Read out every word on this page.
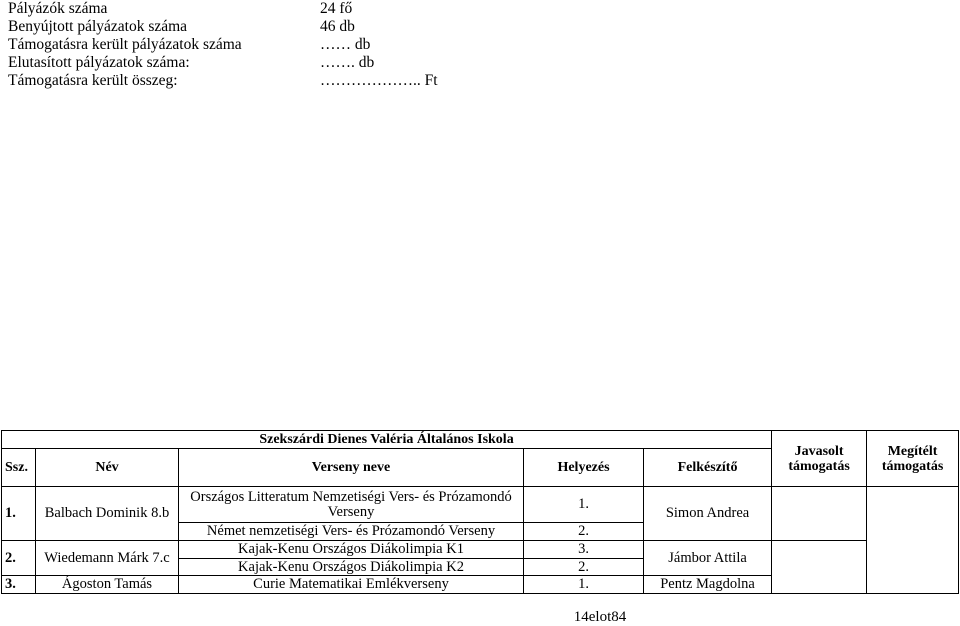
Pályázók száma	24 fő
Benyújtott pályázatok száma	46 db
Támogatásra került pályázatok száma	…… db
Elutasított pályázatok száma:	……. db
Támogatásra került összeg:	……………….. Ft
Szekszárdi Dienes Valéria Általános Iskola					Javasolt támogatás	Megítélt támogatás
Ssz.	Név	Verseny neve	Helyezés	Felkészítő		
1.	Balbach Dominik 8.b	Országos Litteratum Nemzetiségi Vers- és Prózamondó Verseny	1.	Simon Andrea		
		Német nemzetiségi Vers- és Prózamondó Verseny	2.			
2.	Wiedemann Márk 7.c	Kajak-Kenu Országos Diákolimpia K1	3.	Jámbor Attila		
		Kajak-Kenu Országos Diákolimpia K2	2.			
3.	Ágoston Tamás	Curie Matematikai Emlékverseny	1.	Pentz Magdolna		
14elot84
